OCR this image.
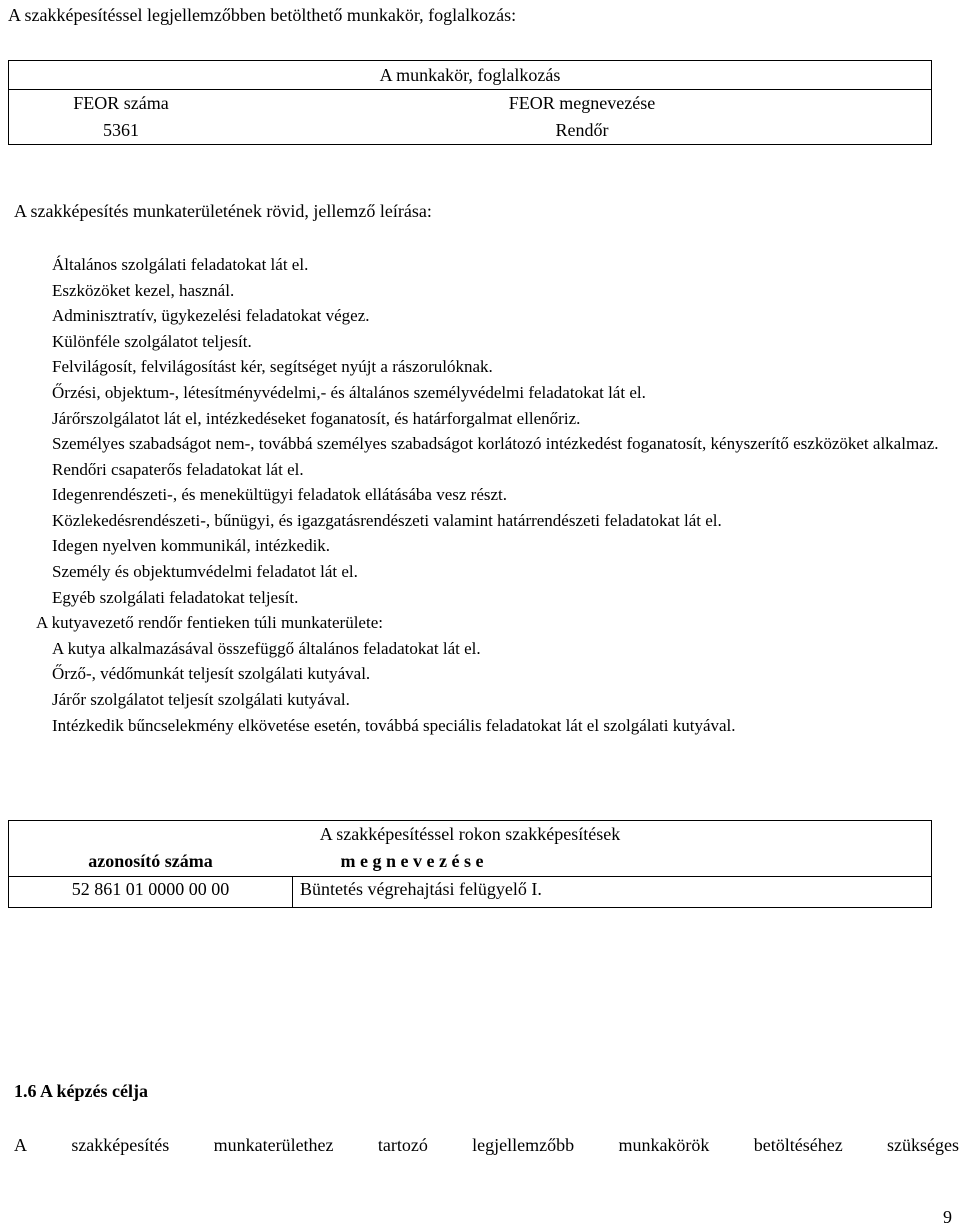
A szakképesítéssel legjellemzőbben betölthető munkakör, foglalkozás:
A munkakör, foglalkozás
FEOR száma	FEOR megnevezése
5361	Rendőr
A szakképesítés munkaterületének rövid, jellemző leírása:
Általános szolgálati feladatokat lát el.
Eszközöket kezel, használ.
Adminisztratív, ügykezelési feladatokat végez.
Különféle szolgálatot teljesít.
Felvilágosít, felvilágosítást kér, segítséget nyújt a rászorulóknak.
Őrzési, objektum-, létesítményvédelmi,- és általános személyvédelmi feladatokat lát el.
Járőrszolgálatot lát el, intézkedéseket foganatosít, és határforgalmat ellenőriz.
Személyes szabadságot nem-, továbbá személyes szabadságot korlátozó intézkedést foganatosít, kényszerítő eszközöket alkalmaz.
Rendőri csapaterős feladatokat lát el.
Idegenrendészeti-, és menekültügyi feladatok ellátásába vesz részt.
Közlekedésrendészeti-, bűnügyi, és igazgatásrendészeti valamint határrendészeti feladatokat lát el.
Idegen nyelven kommunikál, intézkedik.
Személy és objektumvédelmi feladatot lát el.
Egyéb szolgálati feladatokat teljesít.
A kutyavezető rendőr fentieken túli munkaterülete:
A kutya alkalmazásával összefüggő általános feladatokat lát el.
Őrző-, védőmunkát teljesít szolgálati kutyával.
Járőr szolgálatot teljesít szolgálati kutyával.
Intézkedik bűncselekmény elkövetése esetén, továbbá speciális feladatokat lát el szolgálati kutyával.
A szakképesítéssel rokon szakképesítések
azonosító száma	m e g n e v e z é s e
52 861 01 0000 00 00	Büntetés végrehajtási felügyelő I.
1.6 A képzés célja
A szakképesítés munkaterülethez tartozó legjellemzőbb munkakörök betöltéséhez szükséges
9
